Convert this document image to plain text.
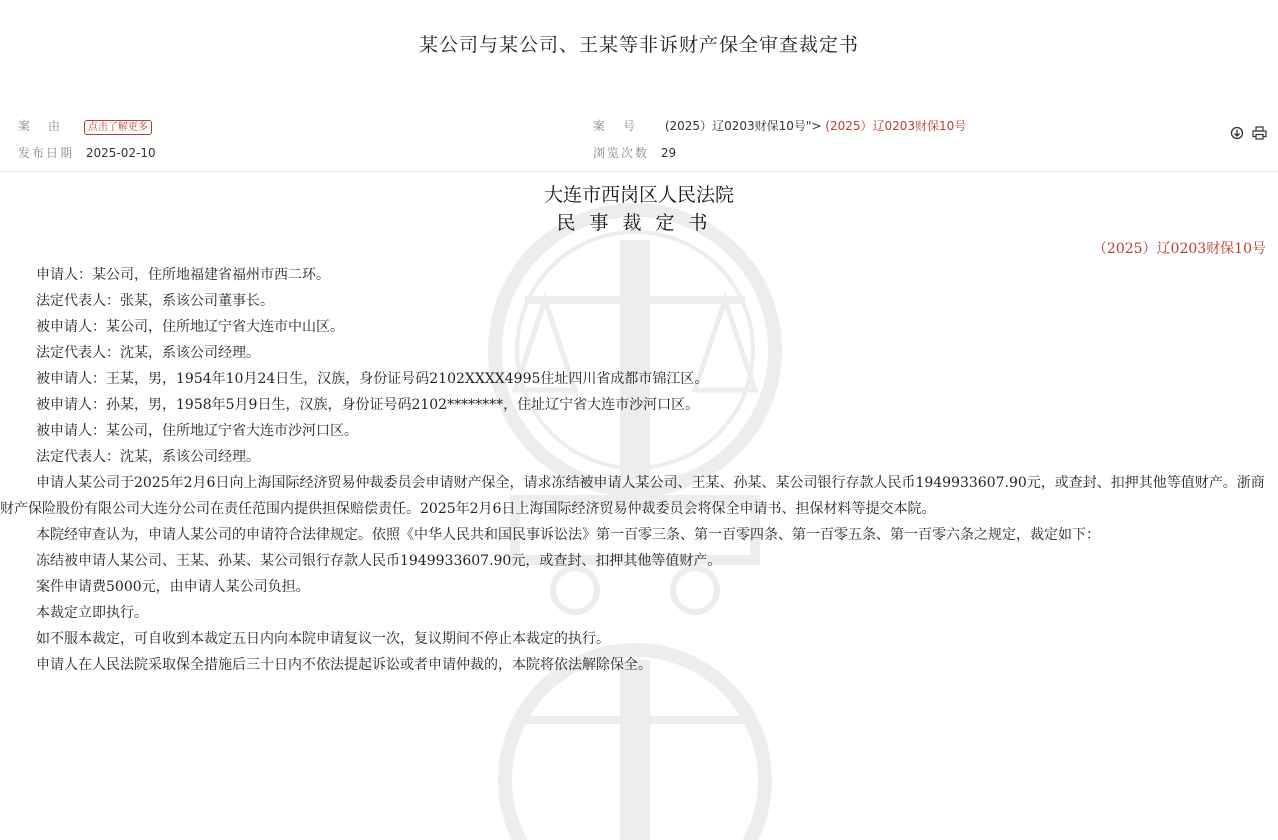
某公司与某公司、王某等非诉财产保全审查裁定书
案由 点击了解更多
发布日期 2025-02-10
案号 (2025）辽0203财保10号"> (2025）辽0203财保10号
浏览次数 29

大连市西岗区人民法院
民事裁定书
（2025）辽0203财保10号

申请人：某公司，住所地福建省福州市西二环。

法定代表人：张某，系该公司董事长。

被申请人：某公司，住所地辽宁省大连市中山区。

法定代表人：沈某，系该公司经理。

被申请人：王某，男，1954年10月24日生，汉族，身份证号码2102XXXX4995住址四川省成都市锦江区。

被申请人：孙某，男，1958年5月9日生，汉族，身份证号码2102********，住址辽宁省大连市沙河口区。

被申请人：某公司，住所地辽宁省大连市沙河口区。

法定代表人：沈某，系该公司经理。

申请人某公司于2025年2月6日向上海国际经济贸易仲裁委员会申请财产保全，请求冻结被申请人某公司、王某、孙某、某公司银行存款人民币1949933607.90元，或查封、扣押其他等值财产。浙商财产保险股份有限公司大连分公司在责任范围内提供担保赔偿责任。2025年2月6日上海国际经济贸易仲裁委员会将保全申请书、担保材料等提交本院。

本院经审查认为，申请人某公司的申请符合法律规定。依照《中华人民共和国民事诉讼法》第一百零三条、第一百零四条、第一百零五条、第一百零六条之规定，裁定如下：

冻结被申请人某公司、王某、孙某、某公司银行存款人民币1949933607.90元，或查封、扣押其他等值财产。

案件申请费5000元，由申请人某公司负担。

本裁定立即执行。

如不服本裁定，可自收到本裁定五日内向本院申请复议一次，复议期间不停止本裁定的执行。

申请人在人民法院采取保全措施后三十日内不依法提起诉讼或者申请仲裁的，本院将依法解除保全。
